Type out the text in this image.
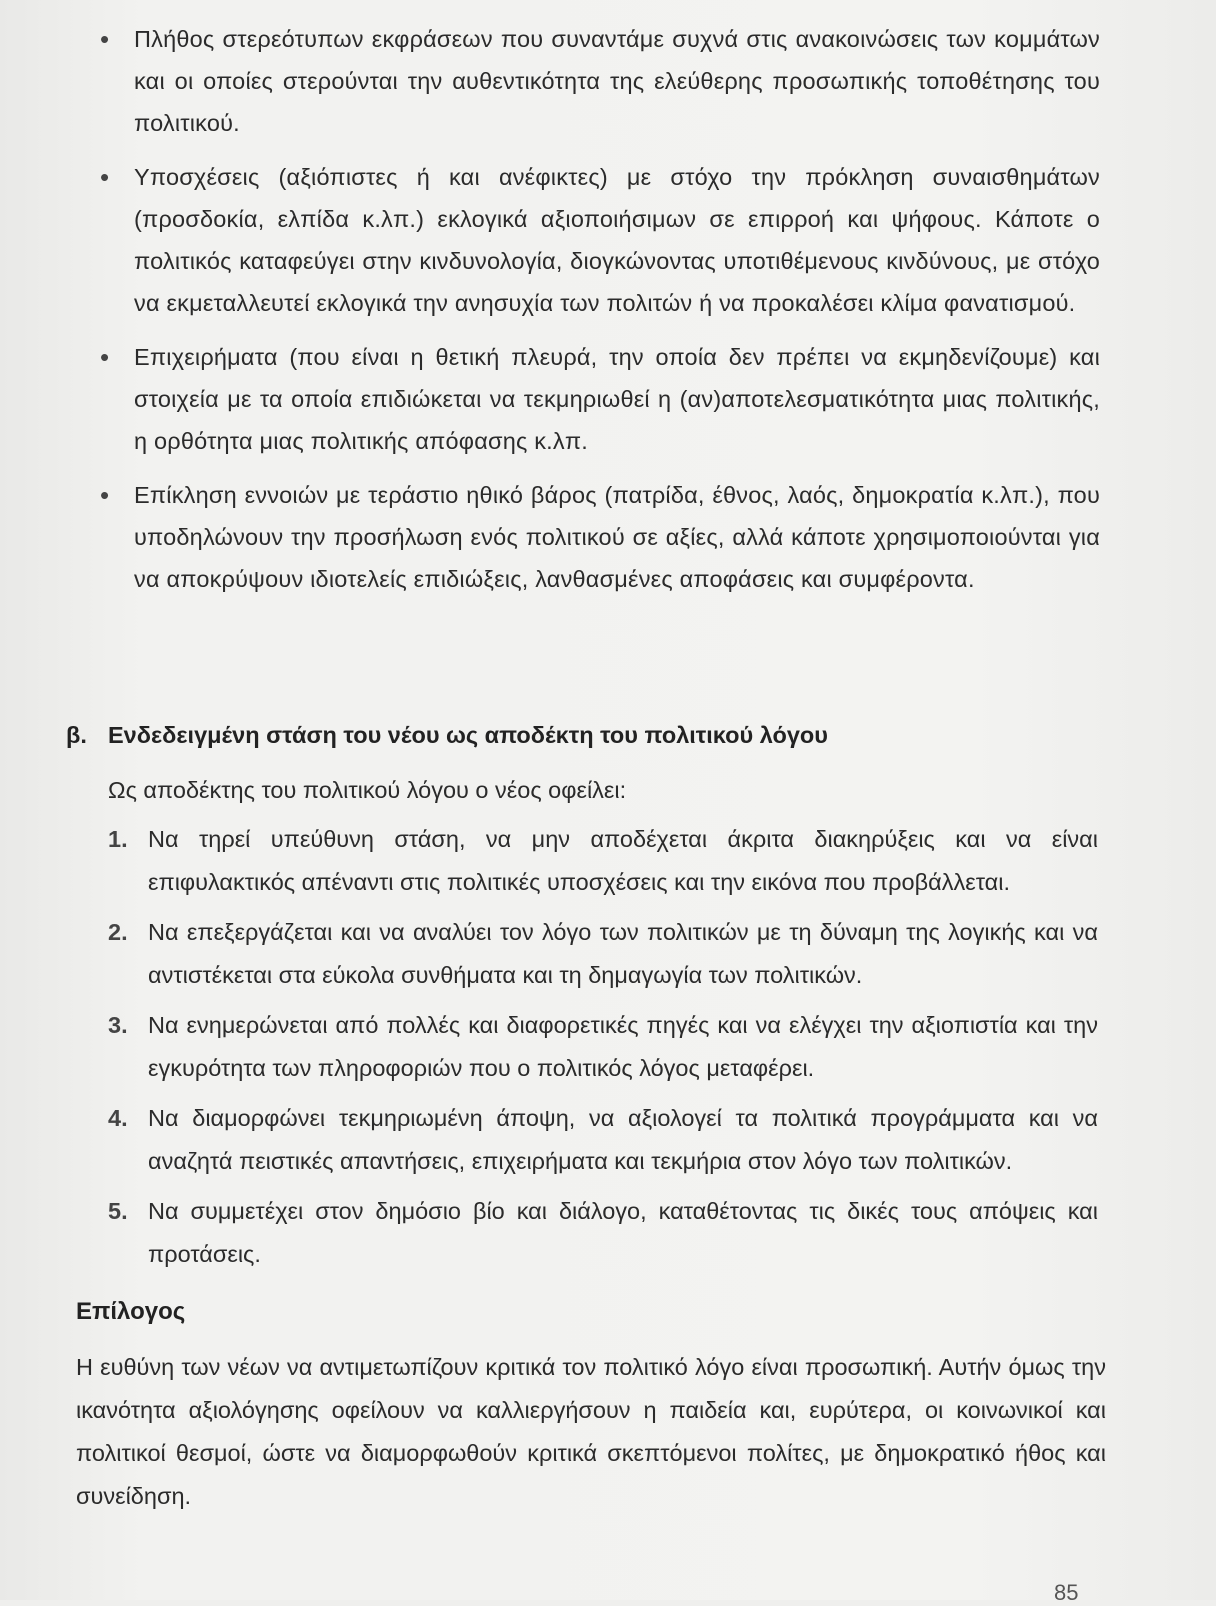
• Πλήθος στερεότυπων εκφράσεων που συναντάμε συχνά στις ανακοινώσεις των κομμάτων και οι οποίες στερούνται την αυθεντικότητα της ελεύθερης προσωπικής τοποθέτησης του πολιτικού.
• Υποσχέσεις (αξιόπιστες ή και ανέφικτες) με στόχο την πρόκληση συναισθημάτων (προσδοκία, ελπίδα κ.λπ.) εκλογικά αξιοποιήσιμων σε επιρροή και ψήφους. Κάποτε ο πολιτικός καταφεύγει στην κινδυνολογία, διογκώνοντας υποτιθέμενους κινδύνους, με στόχο να εκμεταλλευτεί εκλογικά την ανησυχία των πολιτών ή να προκαλέσει κλίμα φανατισμού.
• Επιχειρήματα (που είναι η θετική πλευρά, την οποία δεν πρέπει να εκμηδενίζουμε) και στοιχεία με τα οποία επιδιώκεται να τεκμηριωθεί η (αν)αποτελεσματικότητα μιας πολιτικής, η ορθότητα μιας πολιτικής απόφασης κ.λπ.
• Επίκληση εννοιών με τεράστιο ηθικό βάρος (πατρίδα, έθνος, λαός, δημοκρατία κ.λπ.), που υποδηλώνουν την προσήλωση ενός πολιτικού σε αξίες, αλλά κάποτε χρησιμοποιούνται για να αποκρύψουν ιδιοτελείς επιδιώξεις, λανθασμένες αποφάσεις και συμφέροντα.
β. Ενδεδειγμένη στάση του νέου ως αποδέκτη του πολιτικού λόγου
Ως αποδέκτης του πολιτικού λόγου ο νέος οφείλει:
1. Να τηρεί υπεύθυνη στάση, να μην αποδέχεται άκριτα διακηρύξεις και να είναι επιφυλακτικός απέναντι στις πολιτικές υποσχέσεις και την εικόνα που προβάλλεται.
2. Να επεξεργάζεται και να αναλύει τον λόγο των πολιτικών με τη δύναμη της λογικής και να αντιστέκεται στα εύκολα συνθήματα και τη δημαγωγία των πολιτικών.
3. Να ενημερώνεται από πολλές και διαφορετικές πηγές και να ελέγχει την αξιοπιστία και την εγκυρότητα των πληροφοριών που ο πολιτικός λόγος μεταφέρει.
4. Να διαμορφώνει τεκμηριωμένη άποψη, να αξιολογεί τα πολιτικά προγράμματα και να αναζητά πειστικές απαντήσεις, επιχειρήματα και τεκμήρια στον λόγο των πολιτικών.
5. Να συμμετέχει στον δημόσιο βίο και διάλογο, καταθέτοντας τις δικές τους απόψεις και προτάσεις.
Επίλογος
Η ευθύνη των νέων να αντιμετωπίζουν κριτικά τον πολιτικό λόγο είναι προσωπική. Αυτήν όμως την ικανότητα αξιολόγησης οφείλουν να καλλιεργήσουν η παιδεία και, ευρύτερα, οι κοινωνικοί και πολιτικοί θεσμοί, ώστε να διαμορφωθούν κριτικά σκεπτόμενοι πολίτες, με δημοκρατικό ήθος και συνείδηση.
85
